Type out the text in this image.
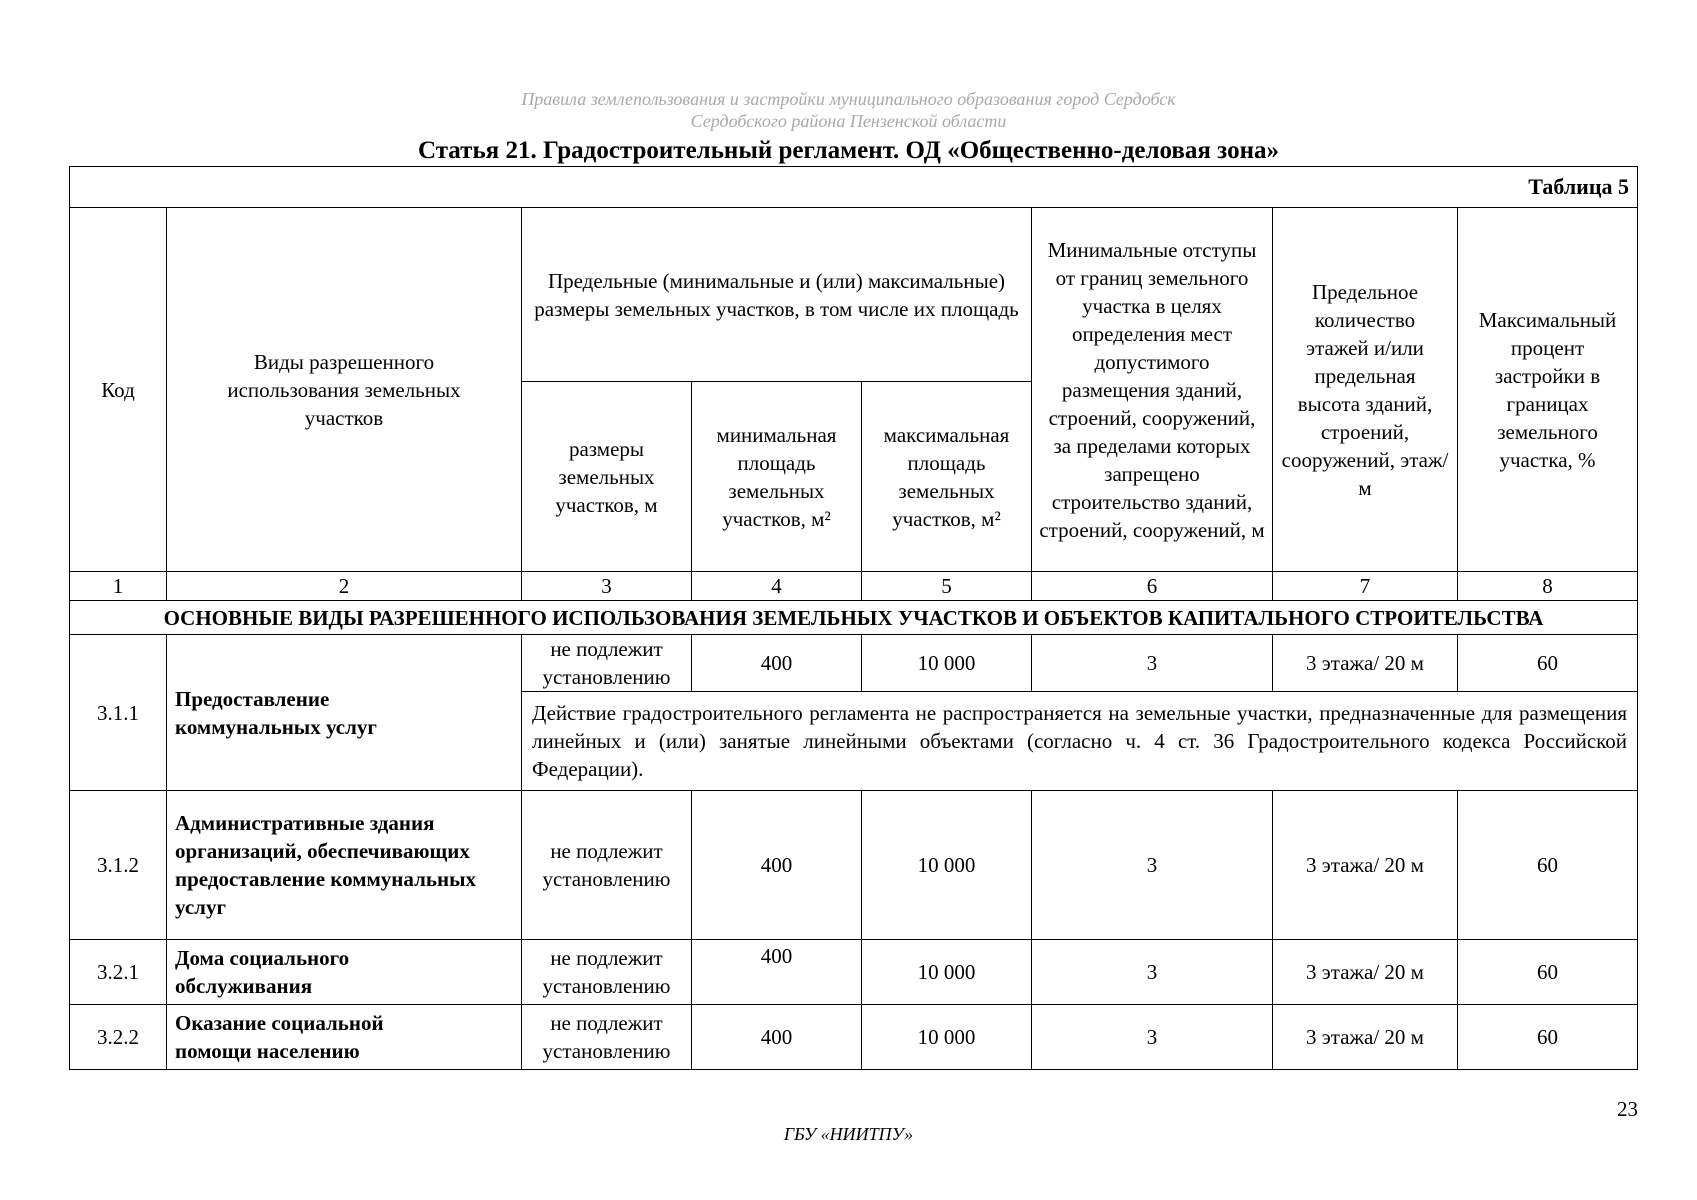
Правила землепользования и застройки муниципального образования город Сердобск
Сердобского района Пензенской области
Статья 21. Градостроительный регламент. ОД «Общественно-деловая зона»
Таблица 5							
Код	Виды разрешенного использования земельных участков	Предельные (минимальные и (или) максимальные) размеры земельных участков, в том числе их площадь			Минимальные отступы от границ земельного участка в целях определения мест допустимого размещения зданий, строений, сооружений, за пределами которых запрещено строительство зданий, строений, сооружений, м	Предельное количество этажей и/или предельная высота зданий, строений, сооружений, этаж/м	Максимальный процент застройки в границах земельного участка, %
		размеры земельных участков, м	минимальная площадь земельных участков, м²	максимальная площадь земельных участков, м²			
1	2	3	4	5	6	7	8
ОСНОВНЫЕ ВИДЫ РАЗРЕШЕННОГО ИСПОЛЬЗОВАНИЯ ЗЕМЕЛЬНЫХ УЧАСТКОВ И ОБЪЕКТОВ КАПИТАЛЬНОГО СТРОИТЕЛЬСТВА							
3.1.1	Предоставление коммунальных услуг	не подлежит установлению	400	10 000	3	3 этажа/ 20 м	60
		Действие градостроительного регламента не распространяется на земельные участки, предназначенные для размещения линейных и (или) занятые линейными объектами (согласно ч. 4 ст. 36 Градостроительного кодекса Российской Федерации).					
3.1.2	Административные здания организаций, обеспечивающих предоставление коммунальных услуг	не подлежит установлению	400	10 000	3	3 этажа/ 20 м	60
3.2.1	Дома социального обслуживания	не подлежит установлению	400	10 000	3	3 этажа/ 20 м	60
3.2.2	Оказание социальной помощи населению	не подлежит установлению	400	10 000	3	3 этажа/ 20 м	60
23
ГБУ «НИИТПУ»
